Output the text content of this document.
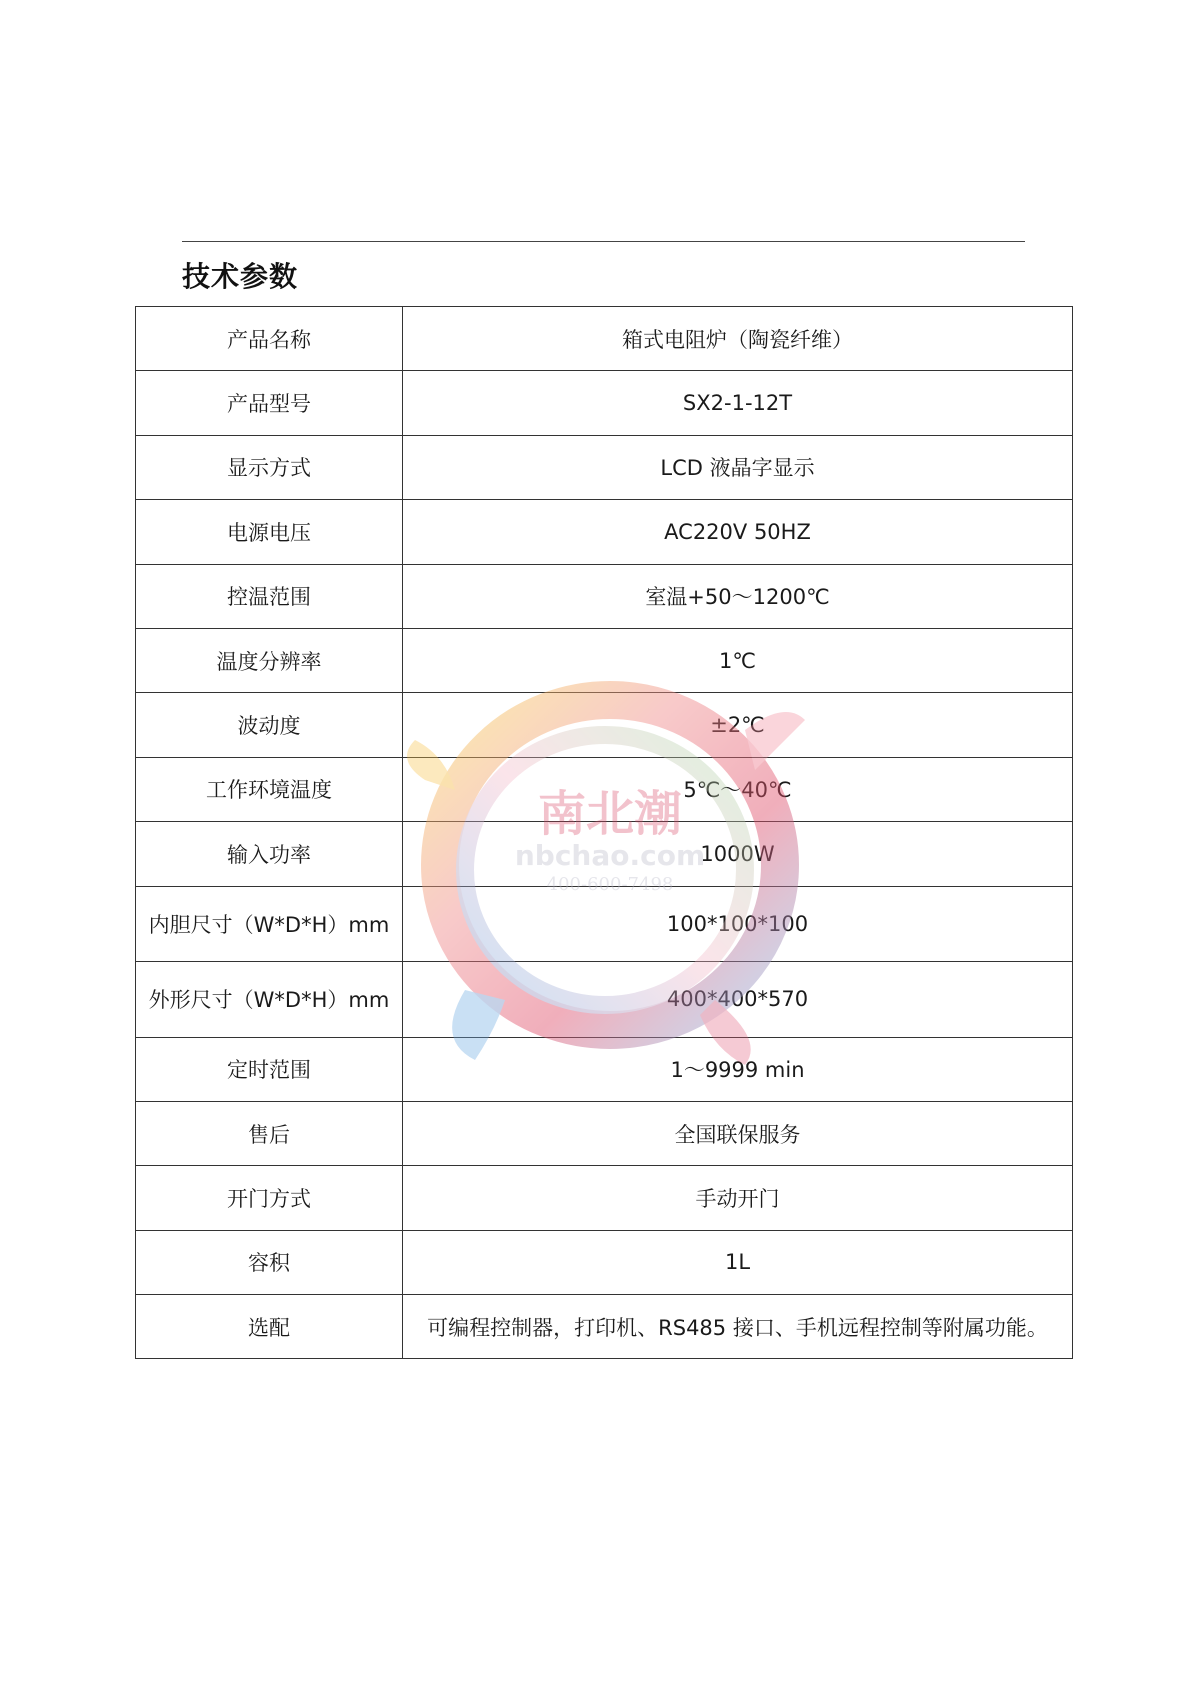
技术参数
产品名称	箱式电阻炉（陶瓷纤维）
产品型号	SX2-1-12T
显示方式	LCD 液晶字显示
电源电压	AC220V 50HZ
控温范围	室温+50～1200℃
温度分辨率	1℃
波动度	±2℃
工作环境温度	5℃～40℃
输入功率	1000W
内胆尺寸（W*D*H）mm	100*100*100
外形尺寸（W*D*H）mm	400*400*570
定时范围	1～9999 min
售后	全国联保服务
开门方式	手动开门
容积	1L
选配	可编程控制器，打印机、RS485 接口、手机远程控制等附属功能。
南北潮
nbchao.com
400-600-7498
